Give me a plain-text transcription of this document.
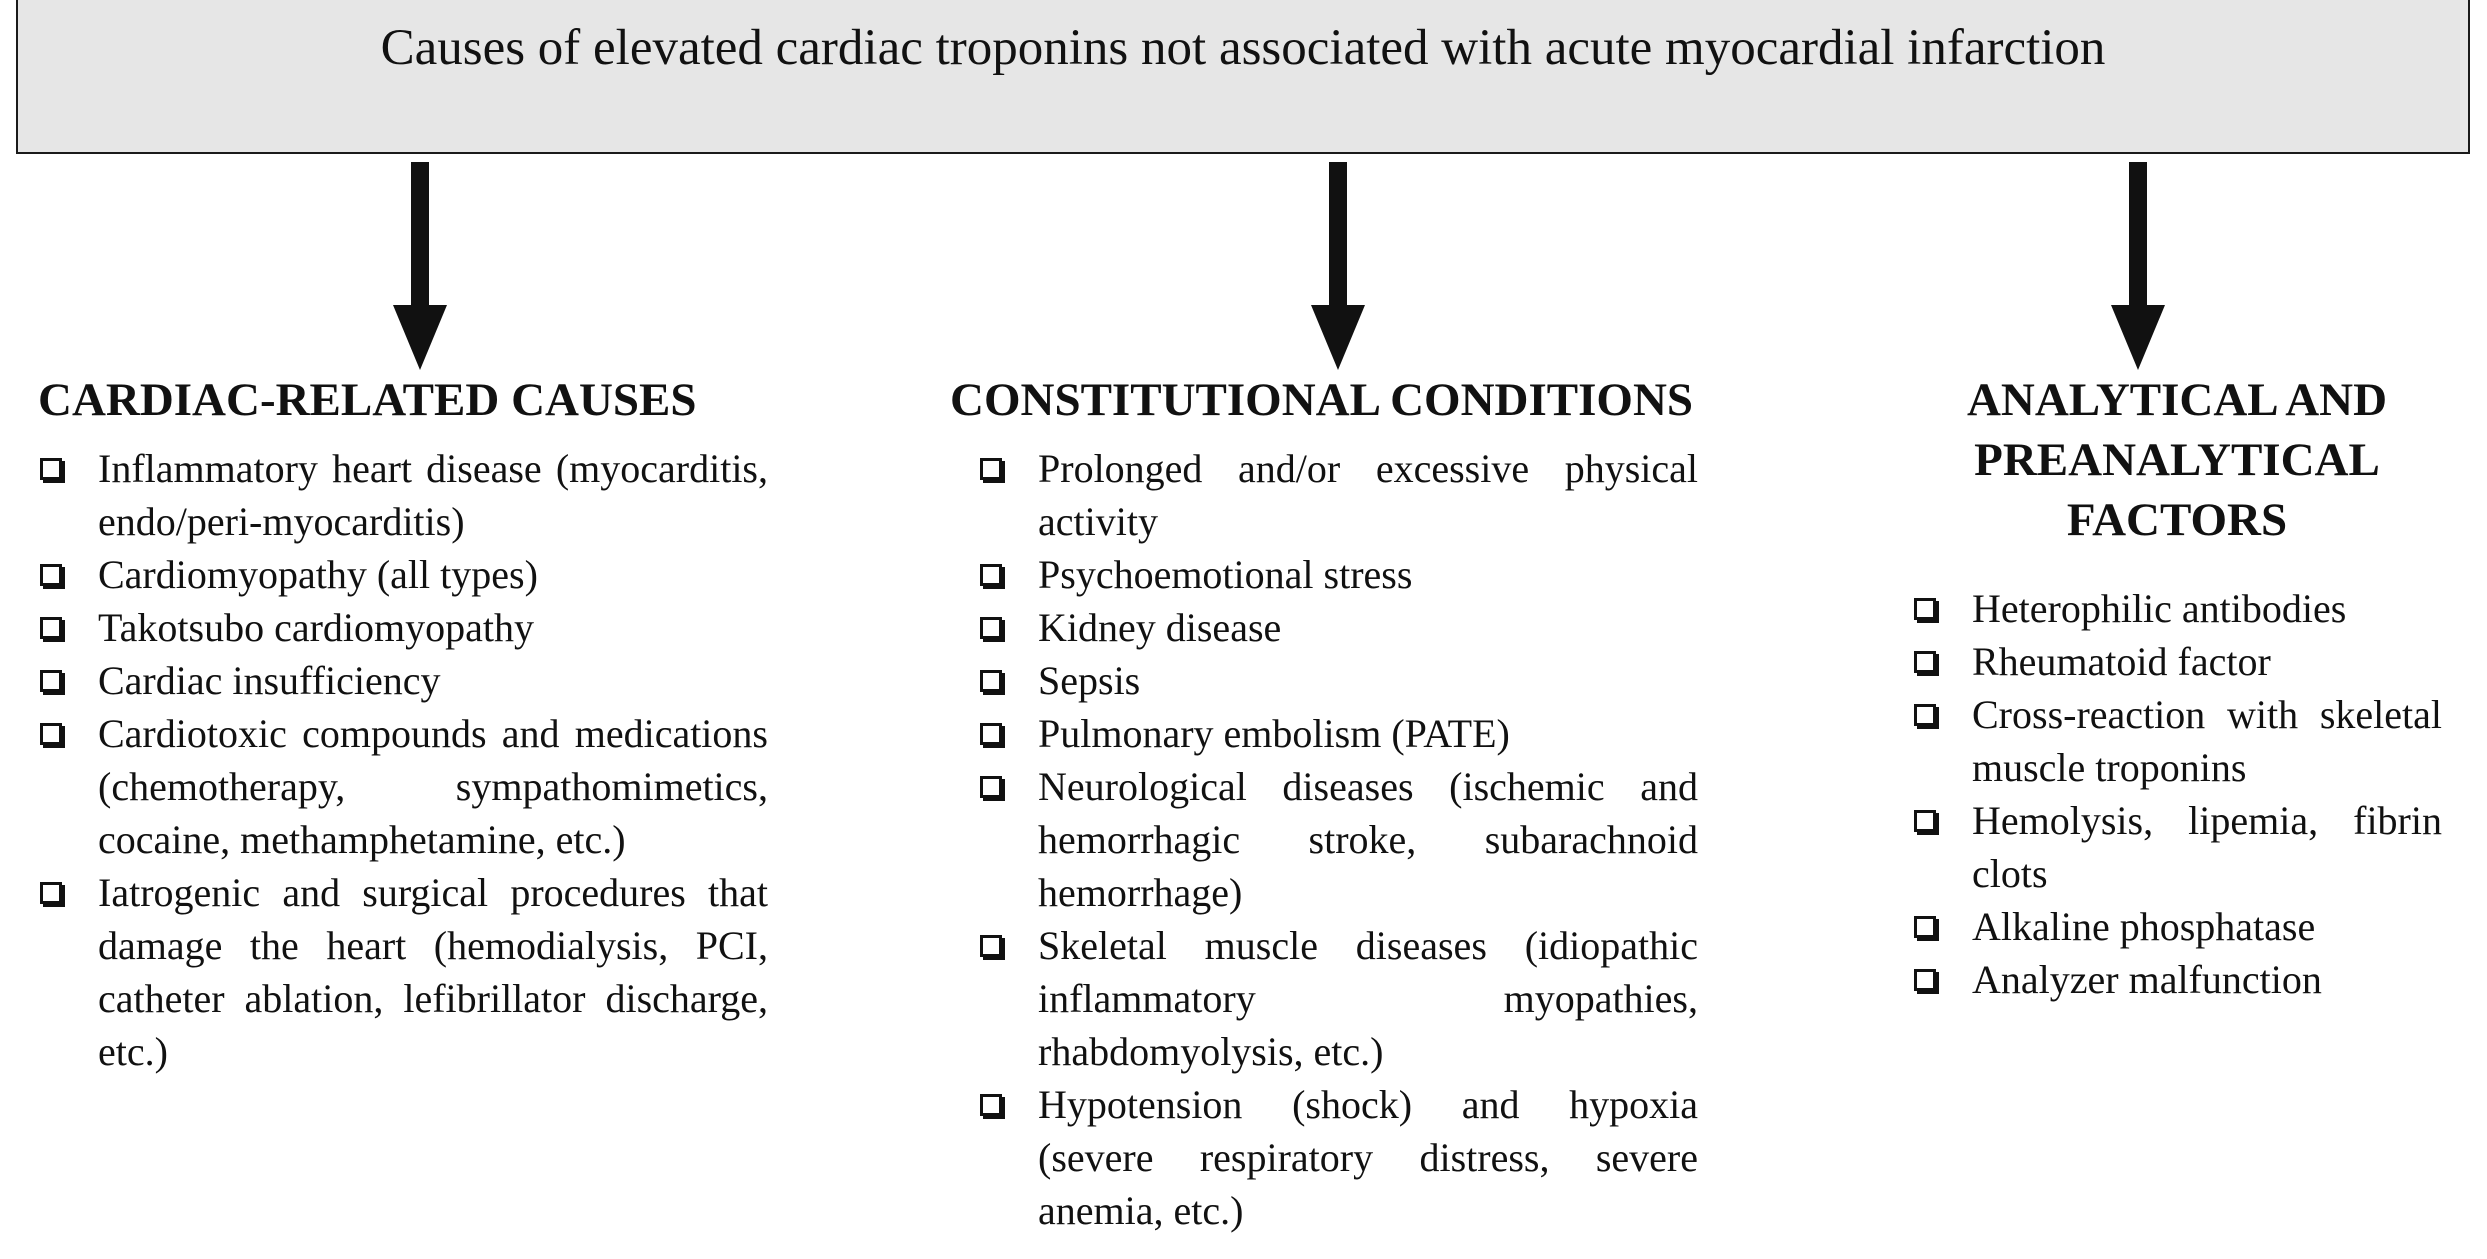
Causes of elevated cardiac troponins not associated with acute myocardial infarction
CARDIAC-RELATED CAUSES
Inflammatory heart disease (myocarditis, endo/peri-myocarditis)
Cardiomyopathy (all types)
Takotsubo cardiomyopathy
Cardiac insufficiency
Cardiotoxic compounds and medications (chemotherapy, sympathomimetics, cocaine, methamphetamine, etc.)
Iatrogenic and surgical procedures that damage the heart (hemodialysis, PCI, catheter ablation, lefibrillator discharge, etc.)
CONSTITUTIONAL CONDITIONS
Prolonged and/or excessive physical activity
Psychoemotional stress
Kidney disease
Sepsis
Pulmonary embolism (PATE)
Neurological diseases (ischemic and hemorrhagic stroke, subarachnoid hemorrhage)
Skeletal muscle diseases (idiopathic inflammatory myopathies, rhabdomyolysis, etc.)
Hypotension (shock) and hypoxia (severe respiratory distress, severe anemia, etc.)
ANALYTICAL AND PREANALYTICAL FACTORS
Heterophilic antibodies
Rheumatoid factor
Cross-reaction with skeletal muscle troponins
Hemolysis, lipemia, fibrin clots
Alkaline phosphatase
Analyzer malfunction
